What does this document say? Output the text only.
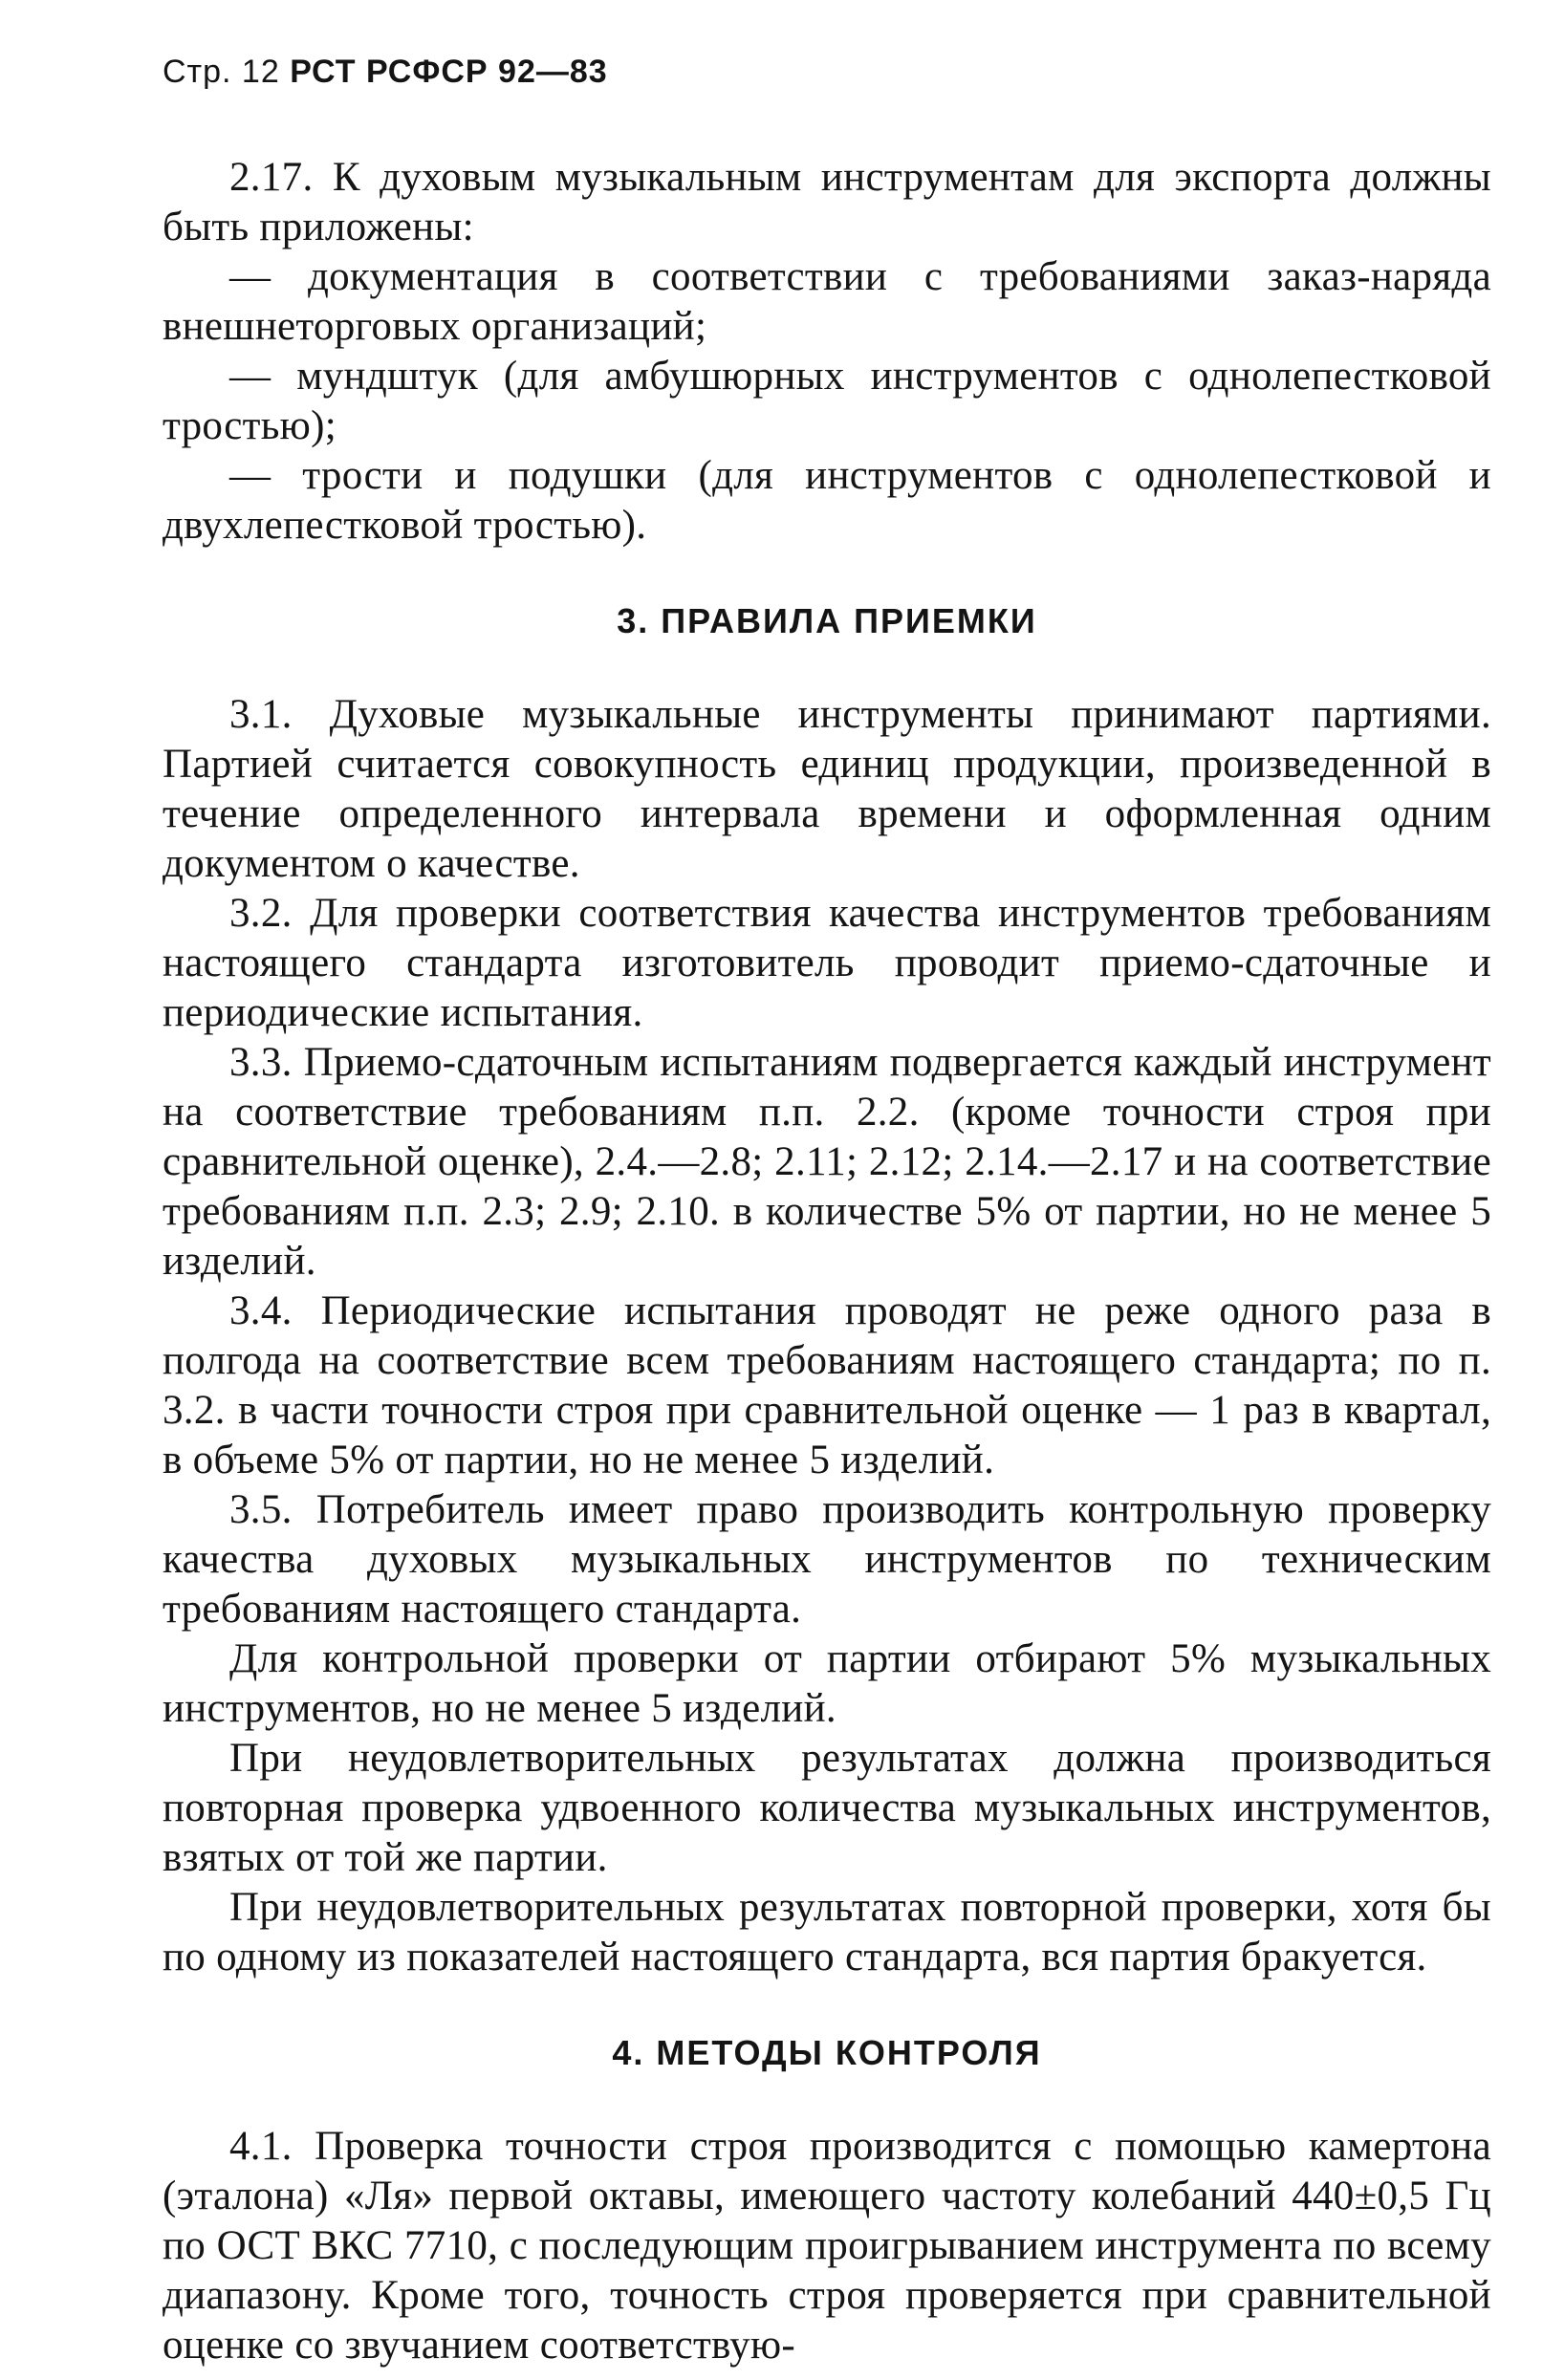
Стр. 12 РСТ РСФСР 92—83

2.17. К духовым музыкальным инструментам для экспорта должны быть приложены:

— документация в соответствии с требованиями заказ-наряда внешнеторговых организаций;

— мундштук (для амбушюрных инструментов с однолепестковой тростью);

— трости и подушки (для инструментов с однолепестковой и двухлепестковой тростью).

3. ПРАВИЛА ПРИЕМКИ

3.1. Духовые музыкальные инструменты принимают партиями. Партией считается совокупность единиц продукции, произведенной в течение определенного интервала времени и оформленная одним документом о качестве.

3.2. Для проверки соответствия качества инструментов требованиям настоящего стандарта изготовитель проводит приемо-сдаточные и периодические испытания.

3.3. Приемо-сдаточным испытаниям подвергается каждый инструмент на соответствие требованиям п.п. 2.2. (кроме точности строя при сравнительной оценке), 2.4.—2.8; 2.11; 2.12; 2.14.—2.17 и на соответствие требованиям п.п. 2.3; 2.9; 2.10. в количестве 5% от партии, но не менее 5 изделий.

3.4. Периодические испытания проводят не реже одного раза в полгода на соответствие всем требованиям настоящего стандарта; по п. 3.2. в части точности строя при сравнительной оценке — 1 раз в квартал, в объеме 5% от партии, но не менее 5 изделий.

3.5. Потребитель имеет право производить контрольную проверку качества духовых музыкальных инструментов по техническим требованиям настоящего стандарта.

Для контрольной проверки от партии отбирают 5% музыкальных инструментов, но не менее 5 изделий.

При неудовлетворительных результатах должна производиться повторная проверка удвоенного количества музыкальных инструментов, взятых от той же партии.

При неудовлетворительных результатах повторной проверки, хотя бы по одному из показателей настоящего стандарта, вся партия бракуется.

4. МЕТОДЫ КОНТРОЛЯ

4.1. Проверка точности строя производится с помощью камертона (эталона) «Ля» первой октавы, имеющего частоту колебаний 440±0,5 Гц по ОСТ ВКС 7710, с последующим проигрыванием инструмента по всему диапазону. Кроме того, точность строя проверяется при сравнительной оценке со звучанием соответствую-
